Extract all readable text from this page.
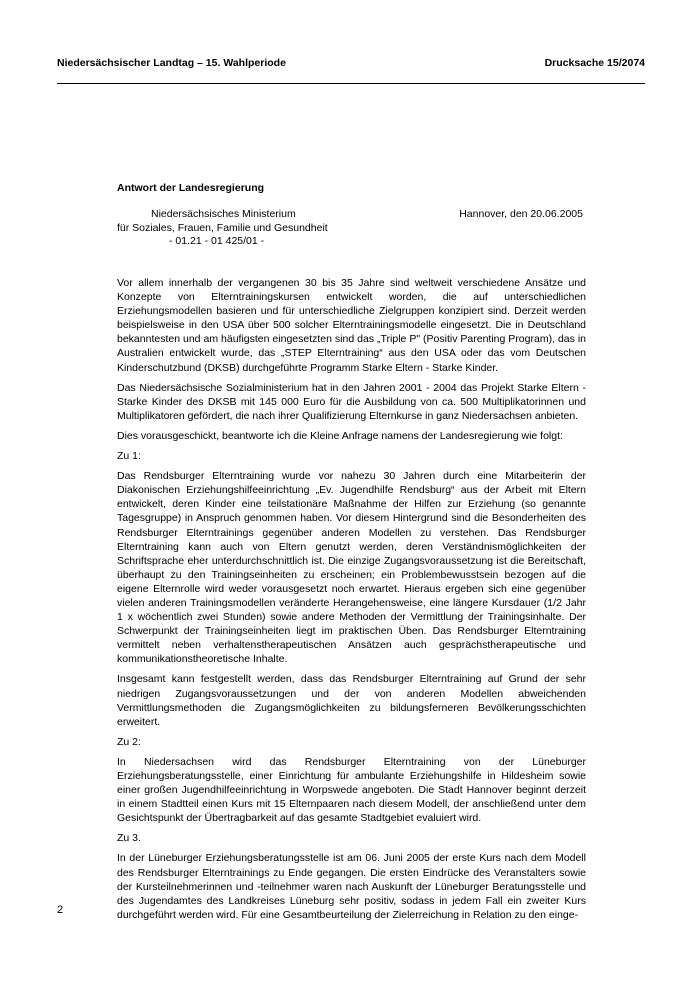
Niedersächsischer Landtag – 15. Wahlperiode	Drucksache 15/2074
Antwort der Landesregierung
Niedersächsisches Ministerium
für Soziales, Frauen, Familie und Gesundheit
- 01.21 - 01 425/01 -
Hannover, den 20.06.2005

Vor allem innerhalb der vergangenen 30 bis 35 Jahre sind weltweit verschiedene Ansätze und Konzepte von Elterntrainingskursen entwickelt worden, die auf unterschiedlichen Erziehungsmodellen basieren und für unterschiedliche Zielgruppen konzipiert sind. Derzeit werden beispielsweise in den USA über 500 solcher Elterntrainingsmodelle eingesetzt. Die in Deutschland bekanntesten und am häufigsten eingesetzten sind das „Triple P" (Positiv Parenting Program), das in Australien entwickelt wurde, das „STEP Elterntraining“ aus den USA oder das vom Deutschen Kinderschutzbund (DKSB) durchgeführte Programm Starke Eltern - Starke Kinder.

Das Niedersächsische Sozialministerium hat in den Jahren 2001 - 2004 das Projekt Starke Eltern - Starke Kinder des DKSB mit 145 000 Euro für die Ausbildung von ca. 500 Multiplikatorinnen und Multiplikatoren gefördert, die nach ihrer Qualifizierung Elternkurse in ganz Niedersachsen anbieten.

Dies vorausgeschickt, beantworte ich die Kleine Anfrage namens der Landesregierung wie folgt:

Zu 1:

Das Rendsburger Elterntraining wurde vor nahezu 30 Jahren durch eine Mitarbeiterin der Diakonischen Erziehungshilfeeinrichtung „Ev. Jugendhilfe Rendsburg“ aus der Arbeit mit Eltern entwickelt, deren Kinder eine teilstationäre Maßnahme der Hilfen zur Erziehung (so genannte Tagesgruppe) in Anspruch genommen haben. Vor diesem Hintergrund sind die Besonderheiten des Rendsburger Elterntrainings gegenüber anderen Modellen zu verstehen. Das Rendsburger Elterntraining kann auch von Eltern genutzt werden, deren Verständnismöglichkeiten der Schriftsprache eher unterdurchschnittlich ist. Die einzige Zugangsvoraussetzung ist die Bereitschaft, überhaupt zu den Trainingseinheiten zu erscheinen; ein Problembewusstsein bezogen auf die eigene Elternrolle wird weder vorausgesetzt noch erwartet. Hieraus ergeben sich eine gegenüber vielen anderen Trainingsmodellen veränderte Herangehensweise, eine längere Kursdauer (1/2 Jahr 1 x wöchentlich zwei Stunden) sowie andere Methoden der Vermittlung der Trainingsinhalte. Der Schwerpunkt der Trainingseinheiten liegt im praktischen Üben. Das Rendsburger Elterntraining vermittelt neben verhaltenstherapeutischen Ansätzen auch gesprächstherapeutische und kommunikationstheoretische Inhalte.

Insgesamt kann festgestellt werden, dass das Rendsburger Elterntraining auf Grund der sehr niedrigen Zugangsvoraussetzungen und der von anderen Modellen abweichenden Vermittlungsmethoden die Zugangsmöglichkeiten zu bildungsferneren Bevölkerungsschichten erweitert.

Zu 2:

In Niedersachsen wird das Rendsburger Elterntraining von der Lüneburger Erziehungsberatungsstelle, einer Einrichtung für ambulante Erziehungshilfe in Hildesheim sowie einer großen Jugendhilfeeinrichtung in Worpswede angeboten. Die Stadt Hannover beginnt derzeit in einem Stadtteil einen Kurs mit 15 Elternpaaren nach diesem Modell, der anschließend unter dem Gesichtspunkt der Übertragbarkeit auf das gesamte Stadtgebiet evaluiert wird.

Zu 3.

In der Lüneburger Erziehungsberatungsstelle ist am 06. Juni 2005 der erste Kurs nach dem Modell des Rendsburger Elterntrainings zu Ende gegangen. Die ersten Eindrücke des Veranstalters sowie der Kursteilnehmerinnen und -teilnehmer waren nach Auskunft der Lüneburger Beratungsstelle und des Jugendamtes des Landkreises Lüneburg sehr positiv, sodass in jedem Fall ein zweiter Kurs durchgeführt werden wird. Für eine Gesamtbeurteilung der Zielerreichung in Relation zu den einge-

2
